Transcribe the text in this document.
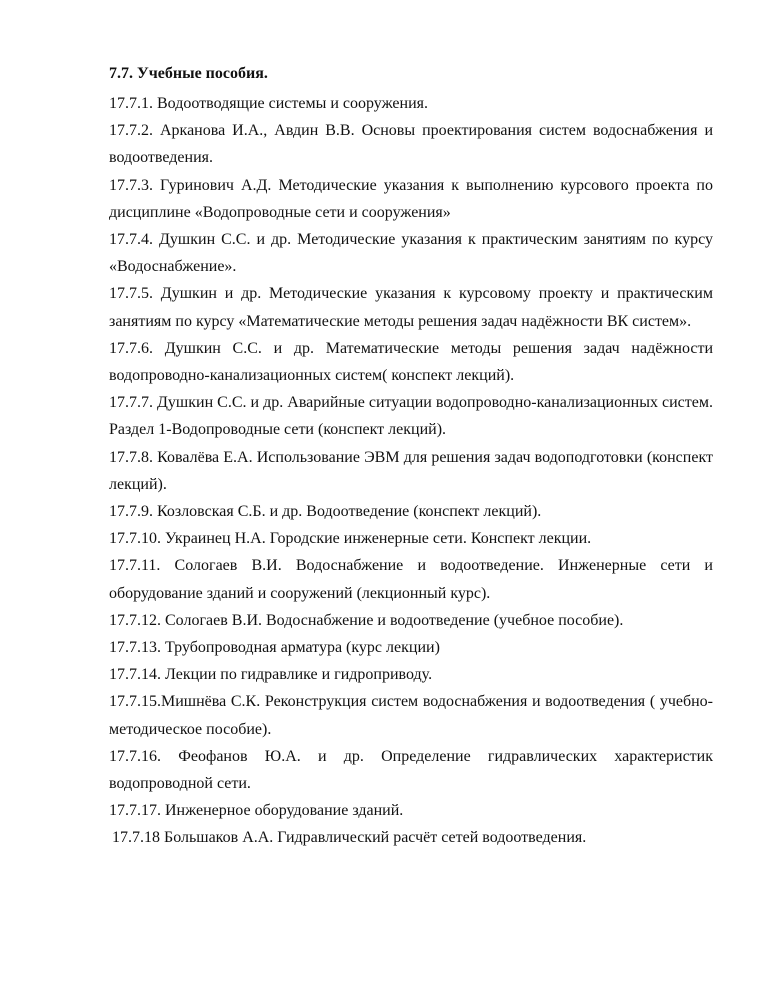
7.7. Учебные пособия.
17.7.1. Водоотводящие системы и сооружения.
17.7.2. Арканова И.А., Авдин В.В. Основы проектирования систем водоснабжения и водоотведения.
17.7.3. Гуринович А.Д. Методические указания к выполнению курсового проекта по дисциплине «Водопроводные сети и сооружения»
17.7.4. Душкин С.С. и др. Методические указания к практическим занятиям по курсу «Водоснабжение».
17.7.5. Душкин и др. Методические указания к курсовому проекту и практическим занятиям по курсу «Математические методы решения задач надёжности ВК систем».
17.7.6. Душкин С.С. и др. Математические методы решения задач надёжности водопроводно-канализационных систем( конспект лекций).
17.7.7. Душкин С.С. и др. Аварийные ситуации водопроводно-канализационных систем. Раздел 1-Водопроводные сети (конспект лекций).
17.7.8. Ковалёва Е.А. Использование ЭВМ для решения задач водоподготовки (конспект лекций).
17.7.9. Козловская С.Б. и др. Водоотведение (конспект лекций).
17.7.10. Украинец Н.А. Городские инженерные сети. Конспект лекции.
17.7.11. Сологаев В.И. Водоснабжение и водоотведение. Инженерные сети и оборудование зданий и сооружений (лекционный курс).
17.7.12. Сологаев В.И. Водоснабжение и водоотведение (учебное пособие).
17.7.13. Трубопроводная арматура (курс лекции)
17.7.14. Лекции по гидравлике и гидроприводу.
17.7.15.Мишнёва С.К. Реконструкция систем водоснабжения и водоотведения ( учебно-методическое пособие).
17.7.16. Феофанов Ю.А. и др. Определение гидравлических характеристик водопроводной сети.
17.7.17. Инженерное оборудование зданий.
17.7.18 Большаков А.А. Гидравлический расчёт сетей водоотведения.
